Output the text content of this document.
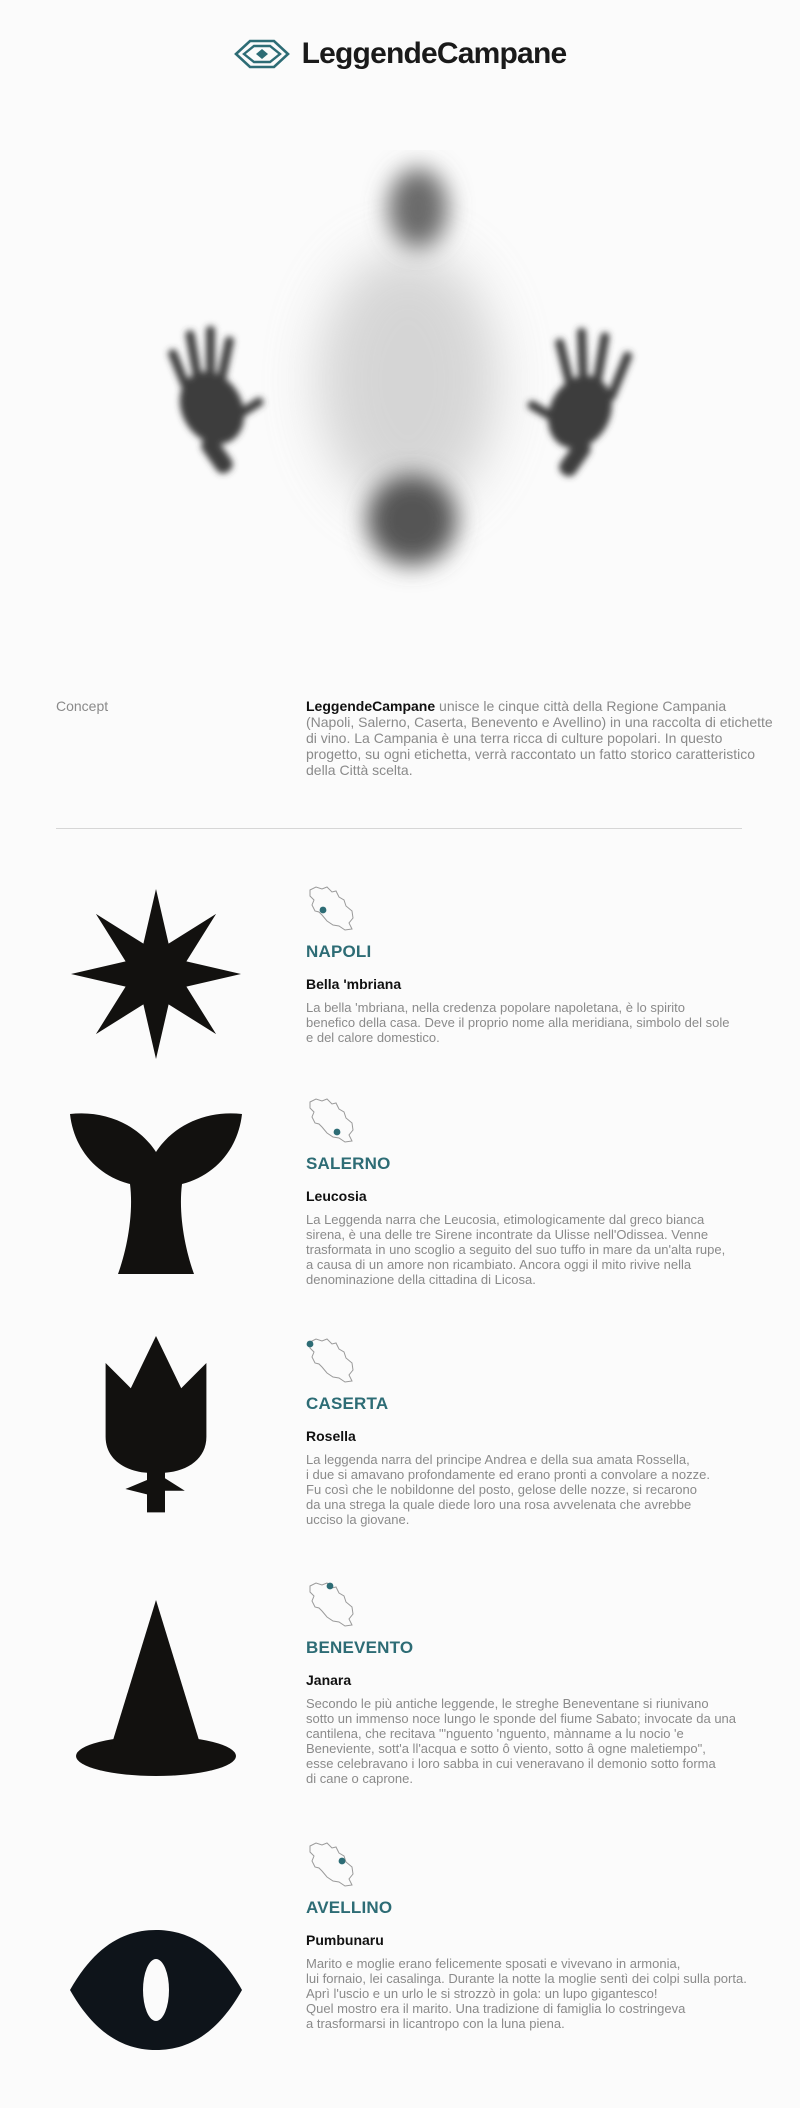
LeggendeCampane
Concept	LeggendeCampane unisce le cinque città della Regione Campania (Napoli, Salerno, Caserta, Benevento e Avellino) in una raccolta di etichette di vino. La Campania è una terra ricca di culture popolari. In questo progetto, su ogni etichetta, verrà raccontato un fatto storico caratteristico della Città scelta.

NAPOLI
Bella 'mbriana
La bella 'mbriana, nella credenza popolare napoletana, è lo spirito
benefico della casa. Deve il proprio nome alla meridiana, simbolo del sole
e del calore domestico.
SALERNO
Leucosia
La Leggenda narra che Leucosia, etimologicamente dal greco bianca
sirena, è una delle tre Sirene incontrate da Ulisse nell'Odissea. Venne
trasformata in uno scoglio a seguito del suo tuffo in mare da un'alta rupe,
a causa di un amore non ricambiato. Ancora oggi il mito rivive nella
denominazione della cittadina di Licosa.
CASERTA
Rosella
La leggenda narra del principe Andrea e della sua amata Rossella,
i due si amavano profondamente ed erano pronti a convolare a nozze.
Fu così che le nobildonne del posto, gelose delle nozze, si recarono
da una strega la quale diede loro una rosa avvelenata che avrebbe
ucciso la giovane.
BENEVENTO
Janara
Secondo le più antiche leggende, le streghe Beneventane si riunivano
sotto un immenso noce lungo le sponde del fiume Sabato; invocate da una
cantilena, che recitava "'nguento 'nguento, mànname a lu nocio 'e
Beneviente, sott'a ll'acqua e sotto ô viento, sotto â ogne maletiempo",
esse celebravano i loro sabba in cui veneravano il demonio sotto forma
di cane o caprone.
AVELLINO
Pumbunaru
Marito e moglie erano felicemente sposati e vivevano in armonia,
lui fornaio, lei casalinga. Durante la notte la moglie sentì dei colpi sulla porta.
Aprì l'uscio e un urlo le si strozzò in gola: un lupo gigantesco!
Quel mostro era il marito. Una tradizione di famiglia lo costringeva
a trasformarsi in licantropo con la luna piena.
